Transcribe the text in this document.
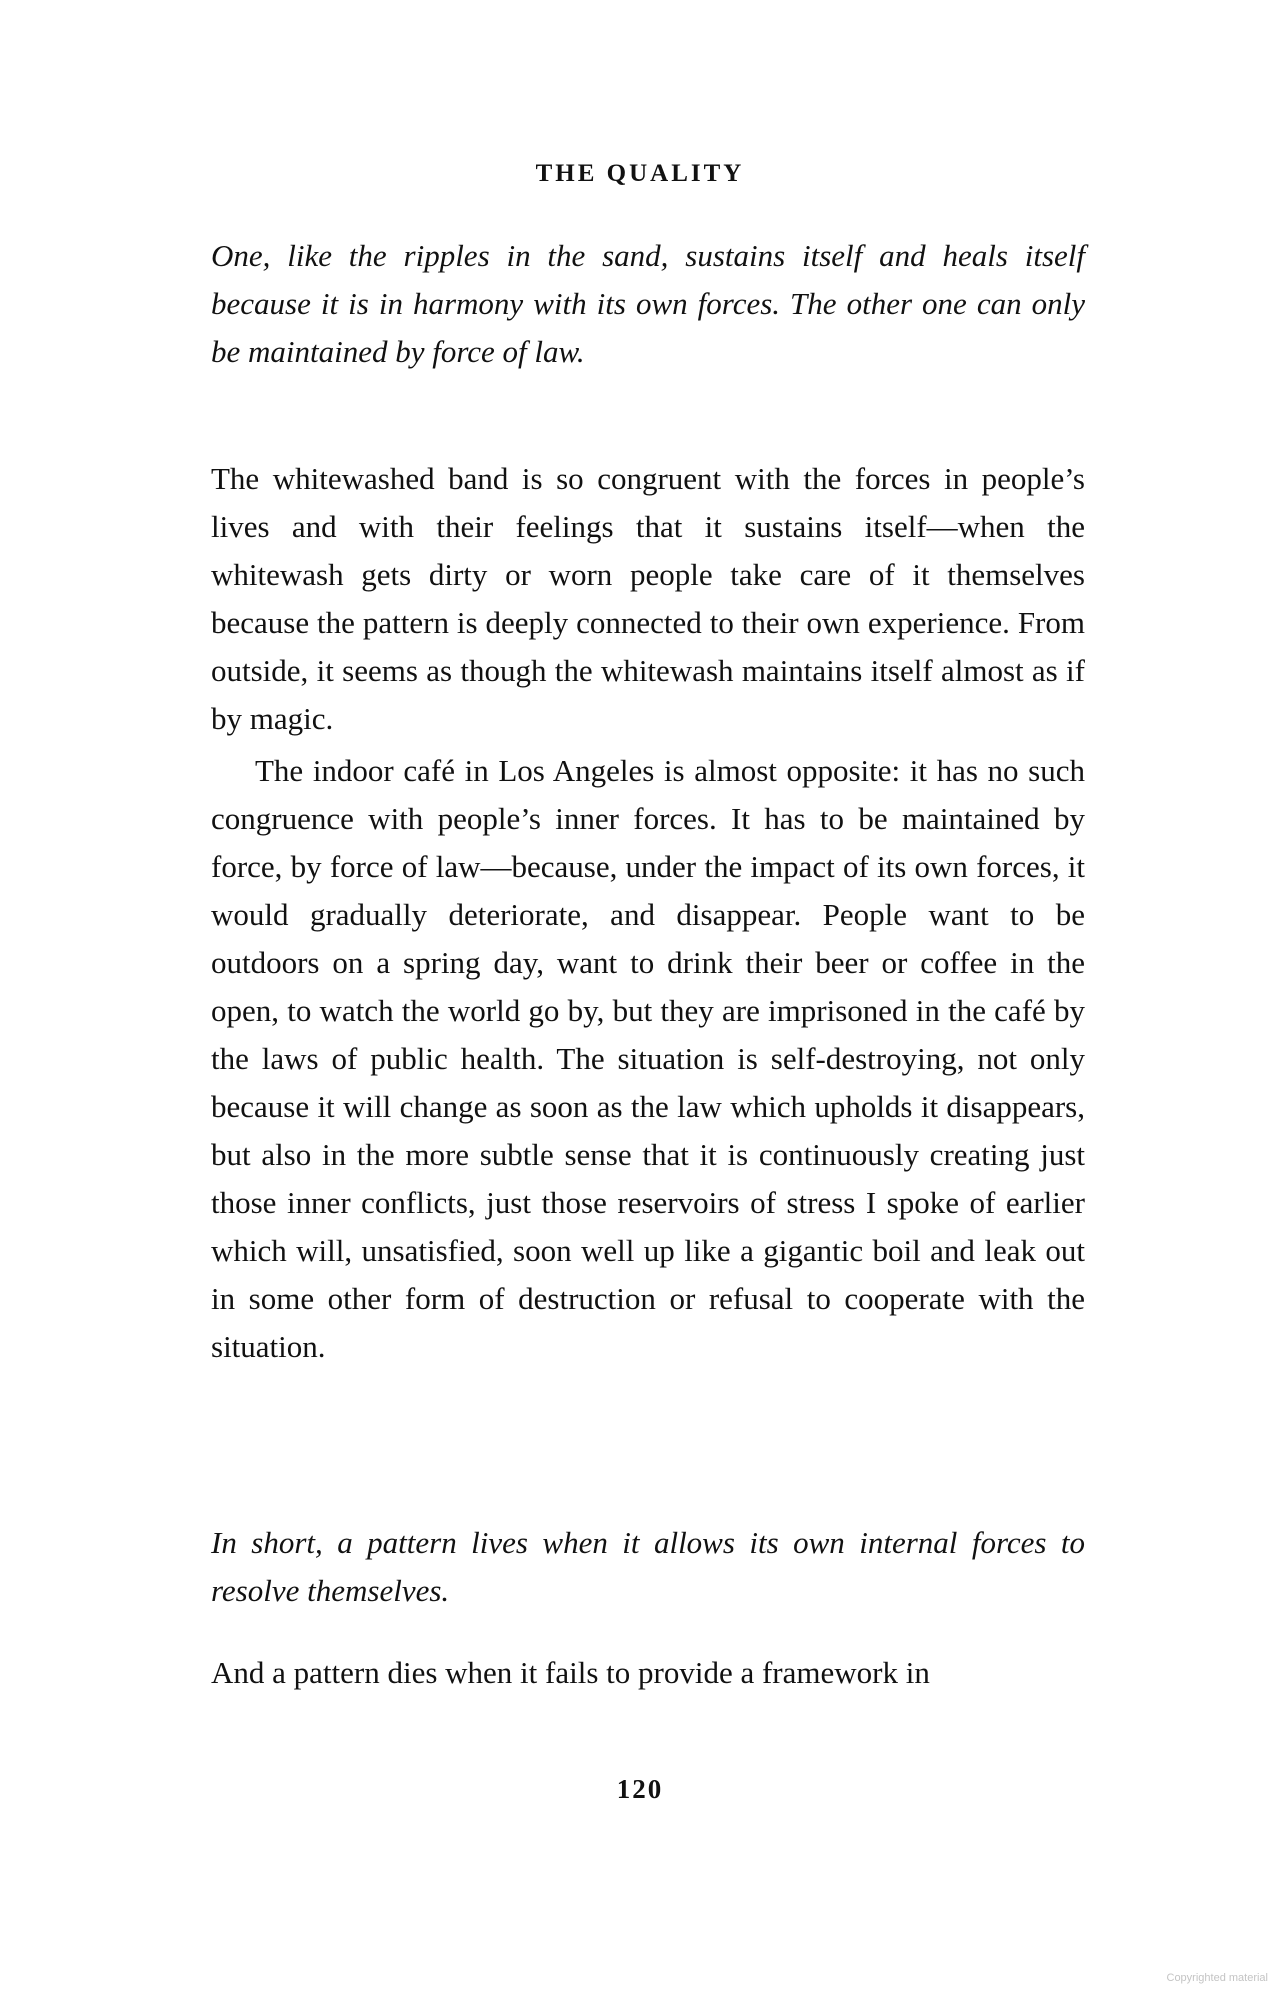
THE QUALITY

One, like the ripples in the sand, sustains itself and heals itself because it is in harmony with its own forces. The other one can only be maintained by force of law.

The whitewashed band is so congruent with the forces in people’s lives and with their feelings that it sustains itself—when the whitewash gets dirty or worn people take care of it themselves because the pattern is deeply connected to their own experience. From outside, it seems as though the whitewash maintains itself almost as if by magic.

The indoor café in Los Angeles is almost opposite: it has no such congruence with people’s inner forces. It has to be maintained by force, by force of law—because, under the impact of its own forces, it would gradually deteriorate, and disappear. People want to be outdoors on a spring day, want to drink their beer or coffee in the open, to watch the world go by, but they are imprisoned in the café by the laws of public health. The situation is self-destroying, not only because it will change as soon as the law which upholds it disappears, but also in the more subtle sense that it is continuously creating just those inner conflicts, just those reservoirs of stress I spoke of earlier which will, unsatisfied, soon well up like a gigantic boil and leak out in some other form of destruction or refusal to cooperate with the situation.

In short, a pattern lives when it allows its own internal forces to resolve themselves.

And a pattern dies when it fails to provide a framework in

120
Copyrighted material
